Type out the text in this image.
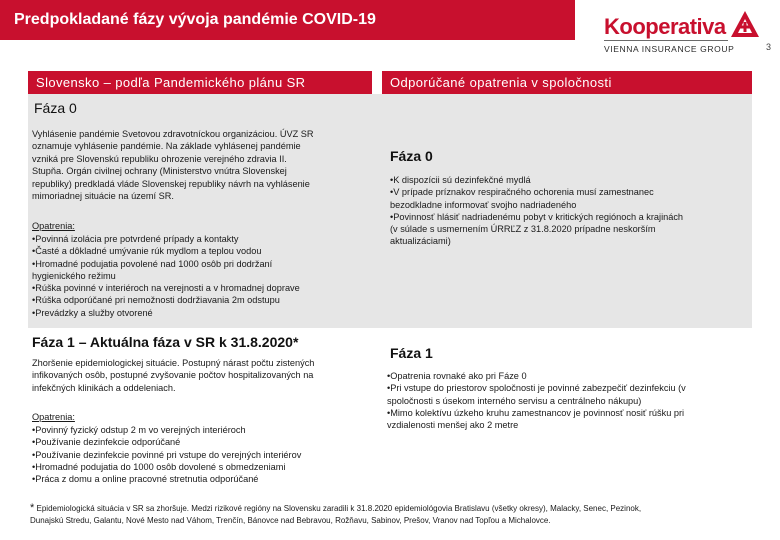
Predpokladané fázy vývoja pandémie COVID-19	Kooperativa
VIENNA INSURANCE GROUP	3
Slovensko – podľa Pandemického plánu SR	Odporúčané opatrenia v spoločnosti
Fáza 0
Vyhlásenie pandémie Svetovou zdravotníckou organizáciou. ÚVZ SR
oznamuje vyhlásenie pandémie. Na základe vyhlásenej pandémie
vzniká pre Slovenskú republiku ohrozenie verejného zdravia II.
Stupňa. Orgán civilnej ochrany (Ministerstvo vnútra Slovenskej
republiky) predkladá vláde Slovenskej republiky návrh na vyhlásenie
mimoriadnej situácie na území SR.
Opatrenia:
•Povinná izolácia pre potvrdené prípady a kontakty
•Časté a dôkladné umývanie rúk mydlom a teplou vodou
•Hromadné podujatia povolené nad 1000 osôb pri dodržaní
hygienického režimu
•Rúška povinné v interiéroch na verejnosti a v hromadnej doprave
•Rúška odporúčané pri nemožnosti dodržiavania 2m odstupu
•Prevádzky a služby otvorené
Fáza 1 – Aktuálna fáza v SR k 31.8.2020*
Zhoršenie epidemiologickej situácie. Postupný nárast počtu zistených
infikovaných osôb, postupné zvyšovanie počtov hospitalizovaných na
infekčných klinikách a oddeleniach.
Opatrenia:
•Povinný fyzický odstup 2 m vo verejných interiéroch
•Používanie dezinfekcie odporúčané
•Používanie dezinfekcie povinné pri vstupe do verejných interiérov
•Hromadné podujatia do 1000 osôb dovolené s obmedzeniami
•Práca z domu a online pracovné stretnutia odporúčané
Fáza 0
•K dispozícii sú dezinfekčné mydlá
•V prípade príznakov respiračného ochorenia musí zamestnanec
bezodkladne informovať svojho nadriadeného
•Povinnosť hlásiť nadriadenému pobyt v kritických regiónoch a krajinách
(v súlade s usmernením ÚRRĽZ z 31.8.2020 prípadne neskorším
aktualizáciami)
Fáza 1
•Opatrenia rovnaké ako pri Fáze 0
•Pri vstupe do priestorov spoločnosti je povinné zabezpečiť dezinfekciu (v
spoločnosti s úsekom interného servisu a centrálneho nákupu)
•Mimo kolektívu úzkeho kruhu zamestnancov je povinnosť nosiť rúšku pri
vzdialenosti menšej ako 2 metre
* Epidemiologická situácia v SR sa zhoršuje. Medzi rizikové regióny na Slovensku zaradili k 31.8.2020 epidemiológovia Bratislavu (všetky okresy), Malacky, Senec, Pezinok,
Dunajskú Stredu, Galantu, Nové Mesto nad Váhom, Trenčín, Bánovce nad Bebravou, Rožňavu, Sabinov, Prešov, Vranov nad Topľou a Michalovce.
